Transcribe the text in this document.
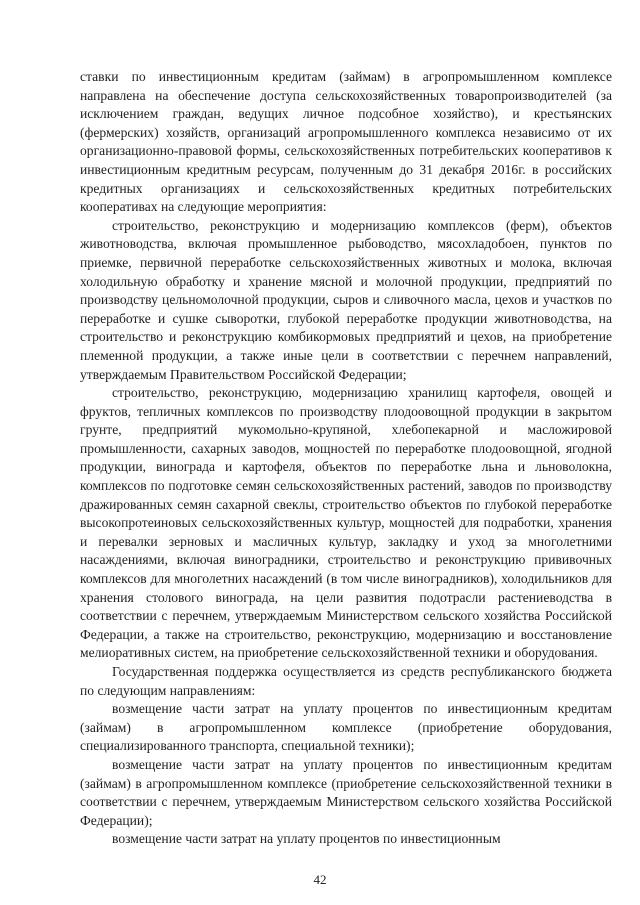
ставки по инвестиционным кредитам (займам) в агропромышленном комплексе направлена на обеспечение доступа сельскохозяйственных товаропроизводителей (за исключением граждан, ведущих личное подсобное хозяйство), и крестьянских (фермерских) хозяйств, организаций агропромышленного комплекса независимо от их организационно-правовой формы, сельскохозяйственных потребительских кооперативов к инвестиционным кредитным ресурсам, полученным до 31 декабря 2016г. в российских кредитных организациях и сельскохозяйственных кредитных потребительских кооперативах на следующие мероприятия:

строительство, реконструкцию и модернизацию комплексов (ферм), объектов животноводства, включая промышленное рыбоводство, мясохладобоен, пунктов по приемке, первичной переработке сельскохозяйственных животных и молока, включая холодильную обработку и хранение мясной и молочной продукции, предприятий по производству цельномолочной продукции, сыров и сливочного масла, цехов и участков по переработке и сушке сыворотки, глубокой переработке продукции животноводства, на строительство и реконструкцию комбикормовых предприятий и цехов, на приобретение племенной продукции, а также иные цели в соответствии с перечнем направлений, утверждаемым Правительством Российской Федерации;

строительство, реконструкцию, модернизацию хранилищ картофеля, овощей и фруктов, тепличных комплексов по производству плодоовощной продукции в закрытом грунте, предприятий мукомольно-крупяной, хлебопекарной и масложировой промышленности, сахарных заводов, мощностей по переработке плодоовощной, ягодной продукции, винограда и картофеля, объектов по переработке льна и льноволокна, комплексов по подготовке семян сельскохозяйственных растений, заводов по производству дражированных семян сахарной свеклы, строительство объектов по глубокой переработке высокопротеиновых сельскохозяйственных культур, мощностей для подработки, хранения и перевалки зерновых и масличных культур, закладку и уход за многолетними насаждениями, включая виноградники, строительство и реконструкцию прививочных комплексов для многолетних насаждений (в том числе виноградников), холодильников для хранения столового винограда, на цели развития подотрасли растениеводства в соответствии с перечнем, утверждаемым Министерством сельского хозяйства Российской Федерации, а также на строительство, реконструкцию, модернизацию и восстановление мелиоративных систем, на приобретение сельскохозяйственной техники и оборудования.

Государственная поддержка осуществляется из средств республиканского бюджета по следующим направлениям:

возмещение части затрат на уплату процентов по инвестиционным кредитам (займам) в агропромышленном комплексе (приобретение оборудования, специализированного транспорта, специальной техники);

возмещение части затрат на уплату процентов по инвестиционным кредитам (займам) в агропромышленном комплексе (приобретение сельскохозяйственной техники в соответствии с перечнем, утверждаемым Министерством сельского хозяйства Российской Федерации);

возмещение части затрат на уплату процентов по инвестиционным

42
